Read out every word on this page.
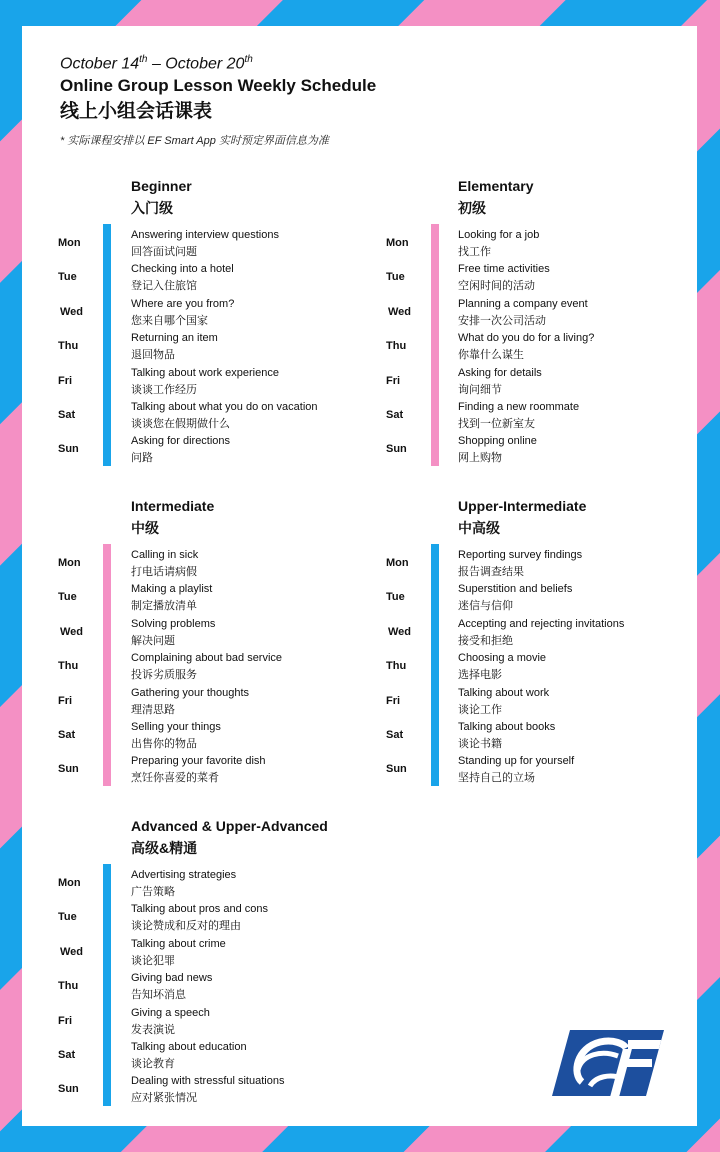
October 14th – October 20th
Online Group Lesson Weekly Schedule
线上小组会话课表
* 实际课程安排以 EF Smart App 实时预定界面信息为准
Beginner
入门级
Mon
Answering interview questions
回答面试问题
Tue
Checking into a hotel
登记入住旅馆
Wed
Where are you from?
您来自哪个国家
Thu
Returning an item
退回物品
Fri
Talking about work experience
谈谈工作经历
Sat
Talking about what you do on vacation
谈谈您在假期做什么
Sun
Asking for directions
问路
Elementary
初级
Mon
Looking for a job
找工作
Tue
Free time activities
空闲时间的活动
Wed
Planning a company event
安排一次公司活动
Thu
What do you do for a living?
你靠什么谋生
Fri
Asking for details
询问细节
Sat
Finding a new roommate
找到一位新室友
Sun
Shopping online
网上购物
Intermediate
中级
Mon
Calling in sick
打电话请病假
Tue
Making a playlist
制定播放清单
Wed
Solving problems
解决问题
Thu
Complaining about bad service
投诉劣质服务
Fri
Gathering your thoughts
理清思路
Sat
Selling your things
出售你的物品
Sun
Preparing your favorite dish
烹饪你喜爱的菜肴
Upper-Intermediate
中高级
Mon
Reporting survey findings
报告调查结果
Tue
Superstition and beliefs
迷信与信仰
Wed
Accepting and rejecting invitations
接受和拒绝
Thu
Choosing a movie
选择电影
Fri
Talking about work
谈论工作
Sat
Talking about books
谈论书籍
Sun
Standing up for yourself
坚持自己的立场
Advanced & Upper-Advanced
高级&精通
Mon
Advertising strategies
广告策略
Tue
Talking about pros and cons
谈论赞成和反对的理由
Wed
Talking about crime
谈论犯罪
Thu
Giving bad news
告知坏消息
Fri
Giving a speech
发表演说
Sat
Talking about education
谈论教育
Sun
Dealing with stressful situations
应对紧张情况
